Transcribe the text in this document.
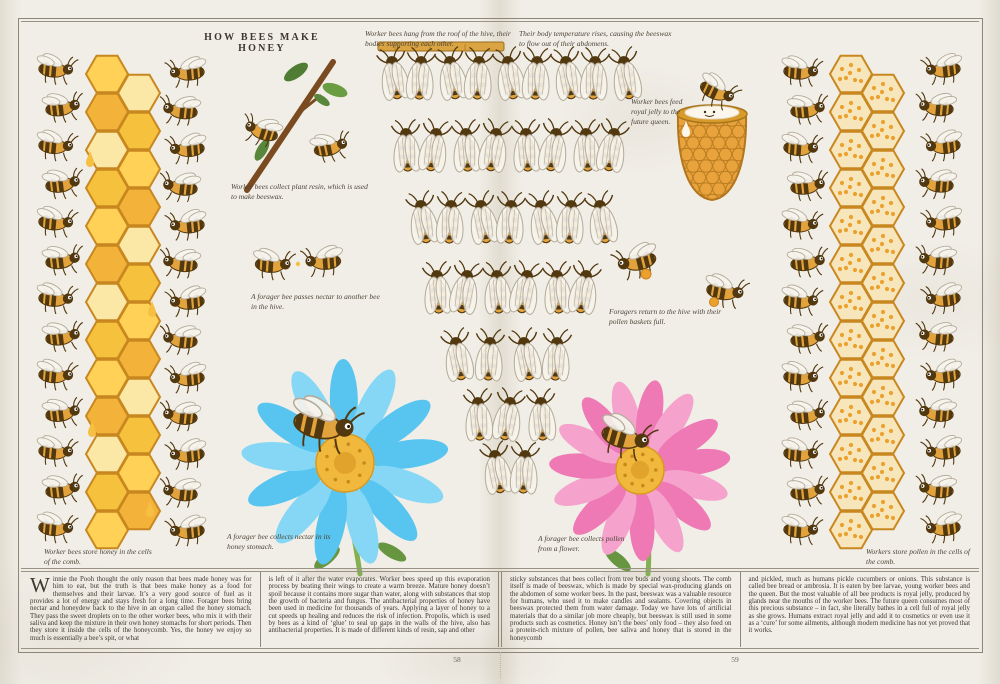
HOW BEES MAKE HONEY
Worker bees hang from the roof of the hive, their bodies supporting each other.
Their body temperature rises, causing the beeswax to flow out of their abdomens.
Worker bees feed royal jelly to the future queen.
Worker bees collect plant resin, which is used to make beeswax.
A forager bee passes nectar to another bee in the hive.
Foragers return to the hive with their pollen baskets full.
A forager bee collects nectar in its honey stomach.
A forager bee collects pollen from a flower.
Worker bees store honey in the cells of the comb.
Workers store pollen in the cells of the comb.
Winnie the Pooh thought the only reason that bees made honey was for him to eat, but the truth is that bees make honey as a food for themselves and their larvae. It’s a very good source of fuel as it provides a lot of energy and stays fresh for a long time. Forager bees bring nectar and honeydew back to the hive in an organ called the honey stomach. They pass the sweet droplets on to the other worker bees, who mix it with their saliva and keep the mixture in their own honey stomachs for short periods. Then they store it inside the cells of the honeycomb. Yes, the honey we enjoy so much is essentially a bee’s spit, or what
is left of it after the water evaporates. Worker bees speed up this evaporation process by beating their wings to create a warm breeze. Mature honey doesn’t spoil because it contains more sugar than water, along with substances that stop the growth of bacteria and fungus. The antibacterial properties of honey have been used in medicine for thousands of years. Applying a layer of honey to a cut speeds up healing and reduces the risk of infection. Propolis, which is used by bees as a kind of ‘glue’ to seal up gaps in the walls of the hive, also has antibacterial properties. It is made of different kinds of resin, sap and other
sticky substances that bees collect from tree buds and young shoots. The comb itself is made of beeswax, which is made by special wax-producing glands on the abdomen of some worker bees. In the past, beeswax was a valuable resource for humans, who used it to make candles and sealants. Covering objects in beeswax protected them from water damage. Today we have lots of artificial materials that do a similar job more cheaply, but beeswax is still used in some products such as cosmetics. Honey isn’t the bees’ only food – they also feed on a protein-rich mixture of pollen, bee saliva and honey that is stored in the honeycomb
and pickled, much as humans pickle cucumbers or onions. This substance is called bee bread or ambrosia. It is eaten by bee larvae, young worker bees and the queen. But the most valuable of all bee products is royal jelly, produced by glands near the mouths of the worker bees. The future queen consumes most of this precious substance – in fact, she literally bathes in a cell full of royal jelly as she grows. Humans extract royal jelly and add it to cosmetics or even use it as a ‘cure’ for some ailments, although modern medicine has not yet proved that it works.
58	59
